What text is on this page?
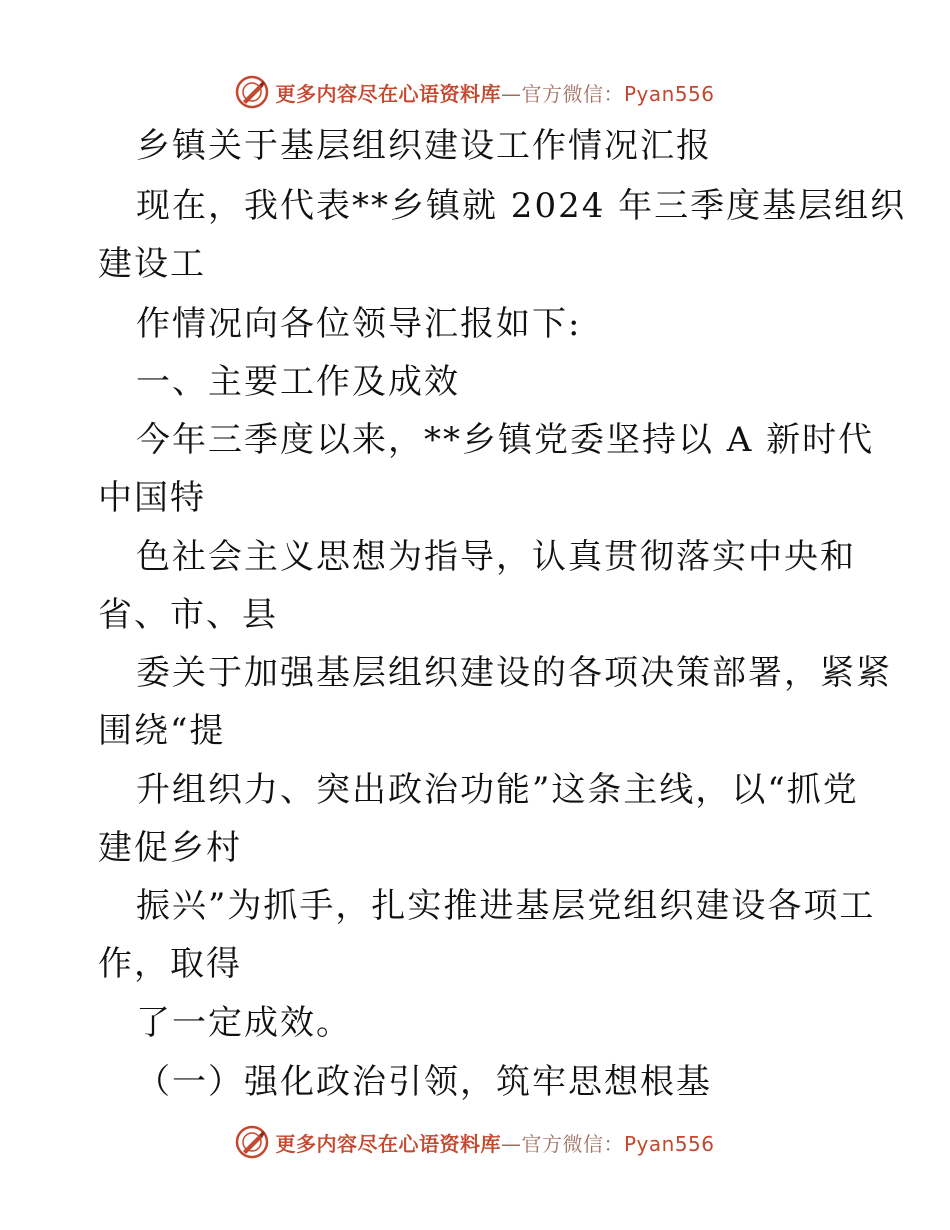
更多内容尽在心语资料库—官方微信：Pyan556
乡镇关于基层组织建设工作情况汇报
现在，我代表**乡镇就 2024 年三季度基层组织
建设工
作情况向各位领导汇报如下:
一、主要工作及成效
今年三季度以来，**乡镇党委坚持以 A 新时代
中国特
色社会主义思想为指导，认真贯彻落实中央和
省、市、县
委关于加强基层组织建设的各项决策部署，紧紧
围绕“提
升组织力、突出政治功能”这条主线，以“抓党
建促乡村
振兴”为抓手，扎实推进基层党组织建设各项工
作，取得
了一定成效。
（一）强化政治引领，筑牢思想根基
更多内容尽在心语资料库—官方微信：Pyan556
